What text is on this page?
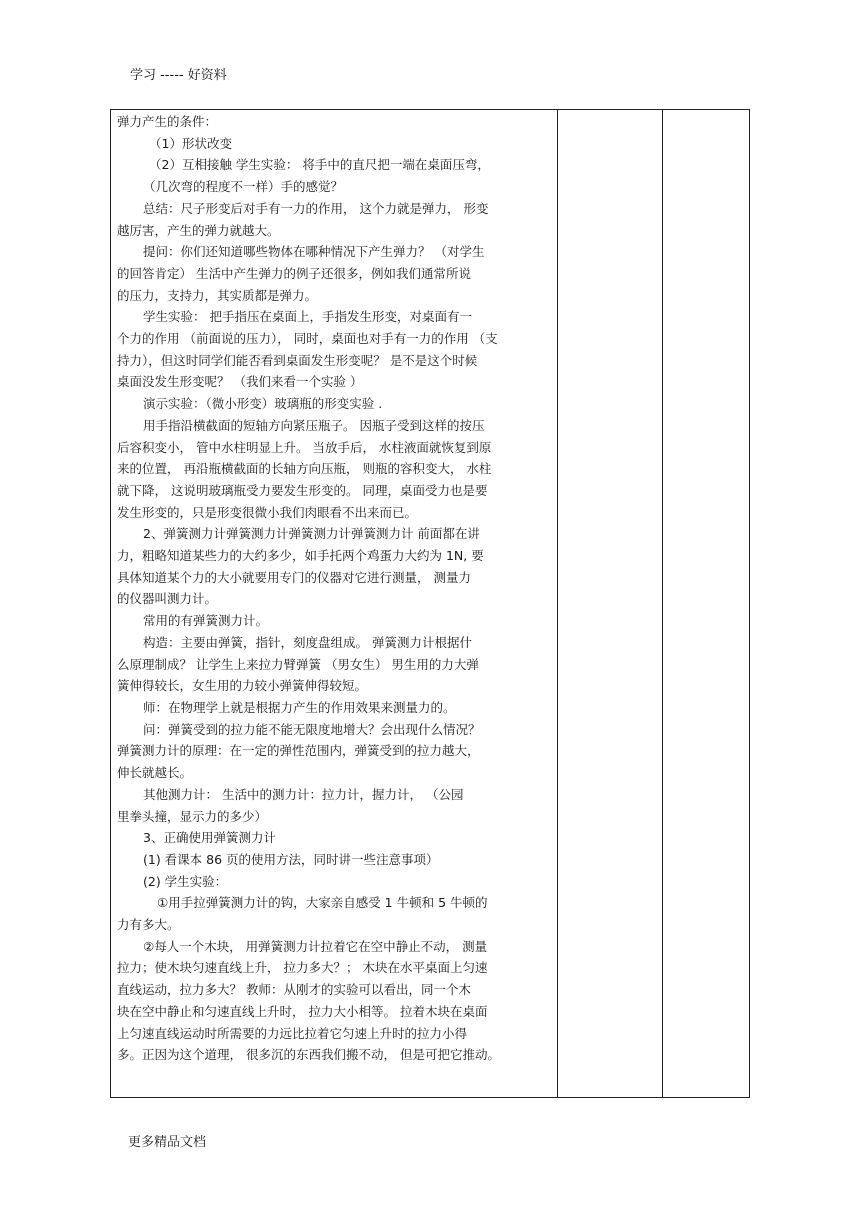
学习 ----- 好资料

弹力产生的条件：

（1）形状改变

（2）互相接触 学生实验： 将手中的直尺把一端在桌面压弯，

（几次弯的程度不一样）手的感觉？

总结：尺子形变后对手有一力的作用， 这个力就是弹力， 形变

越厉害，产生的弹力就越大。

提问：你们还知道哪些物体在哪种情况下产生弹力？ （对学生

的回答肯定） 生活中产生弹力的例子还很多，例如我们通常所说

的压力，支持力，其实质都是弹力。

学生实验： 把手指压在桌面上，手指发生形变，对桌面有一

个力的作用 （前面说的压力）， 同时，桌面也对手有一力的作用 （支

持力），但这时同学们能否看到桌面发生形变呢？ 是不是这个时候

桌面没发生形变呢？ （我们来看一个实验 ）

演示实验：（微小形变）玻璃瓶的形变实验 .

用手指沿横截面的短轴方向紧压瓶子。 因瓶子受到这样的按压

后容积变小， 管中水柱明显上升。 当放手后， 水柱液面就恢复到原

来的位置， 再沿瓶横截面的长轴方向压瓶， 则瓶的容积变大， 水柱

就下降， 这说明玻璃瓶受力要发生形变的。 同理，桌面受力也是要

发生形变的，只是形变很微小我们肉眼看不出来而已。

2、弹簧测力计弹簧测力计弹簧测力计弹簧测力计 前面都在讲

力，粗略知道某些力的大约多少，如手托两个鸡蛋力大约为 1N, 要

具体知道某个力的大小就要用专门的仪器对它进行测量， 测量力

的仪器叫测力计。

常用的有弹簧测力计。

构造：主要由弹簧，指针，刻度盘组成。 弹簧测力计根据什

么原理制成？ 让学生上来拉力臂弹簧 （男女生） 男生用的力大弹

簧伸得较长，女生用的力较小弹簧伸得较短。

师：在物理学上就是根据力产生的作用效果来测量力的。

问：弹簧受到的拉力能不能无限度地增大？会出现什么情况？

弹簧测力计的原理：在一定的弹性范围内，弹簧受到的拉力越大，

伸长就越长。

其他测力计： 生活中的测力计：拉力计，握力计， （公园

里拳头撞，显示力的多少）

3、正确使用弹簧测力计

(1) 看课本 86 页的使用方法，同时讲一些注意事项）

(2) 学生实验：

①用手拉弹簧测力计的钩，大家亲自感受 1 牛顿和 5 牛顿的

力有多大。

②每人一个木块， 用弹簧测力计拉着它在空中静止不动， 测量

拉力；使木块匀速直线上升， 拉力多大？； 木块在水平桌面上匀速

直线运动，拉力多大？ 教师：从刚才的实验可以看出，同一个木

块在空中静止和匀速直线上升时， 拉力大小相等。 拉着木块在桌面

上匀速直线运动时所需要的力远比拉着它匀速上升时的拉力小得

多。正因为这个道理， 很多沉的东西我们搬不动， 但是可把它推动。

更多精品文档
